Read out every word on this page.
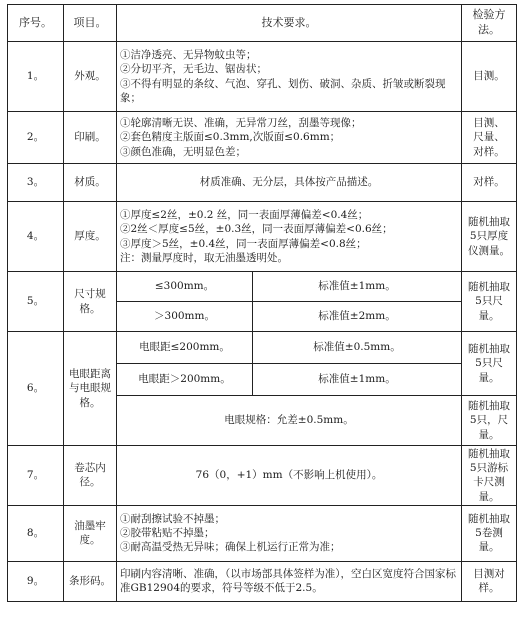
序号。	项目。	技术要求。		检验方法。
1。	外观。	①洁净透亮、无异物蚊虫等；
②分切平齐，无毛边、锯齿状；
③不得有明显的条纹、气泡、穿孔、划伤、破洞、杂质、折皱或断裂现象；		目测。
2。	印刷。	①轮廓清晰无误、准确，无异常刀丝，刮墨等现像；
②套色精度主版面≤0.3mm,次版面≤0.6mm；
③颜色准确，无明显色差；		目测、
尺量、
对样。

3。	材质。	材质准确、无分层，具体按产品描述。		对样。
4。	厚度。	①厚度≤2丝，±0.2 丝，同一表面厚薄偏差<0.4丝；
②2丝＜厚度≤5丝，±0.3丝，同一表面厚薄偏差<0.6丝；
③厚度＞5丝，±0.4丝，同一表面厚薄偏差<0.8丝；
注：测量厚度时，取无油墨透明处。		随机抽取5只厚度仪测量。
5。	尺寸规格。	≤300mm。	标准值±1mm。	随机抽取5只尺量。
		＞300mm。	标准值±2mm。	
6。	电眼距离与电眼规格。	电眼距≤200mm。	标准值±0.5mm。	随机抽取5只尺量。
		电眼距＞200mm。	标准值±1mm。	
		电眼规格：允差±0.5mm。		随机抽取5只，尺量。
7。	卷芯内径。	76（0，+1）mm（不影响上机使用）。		随机抽取5只游标卡尺测量。
8。	油墨牢度。	①耐刮擦试验不掉墨；
②胶带粘贴不掉墨；
③耐高温受热无异味；确保上机运行正常为准；		随机抽取5卷测量。
9。	条形码。	印刷内容清晰、准确，（以市场部具体签样为准），空白区宽度符合国家标准GB12904的要求，符号等级不低于2.5。		目测对样。
